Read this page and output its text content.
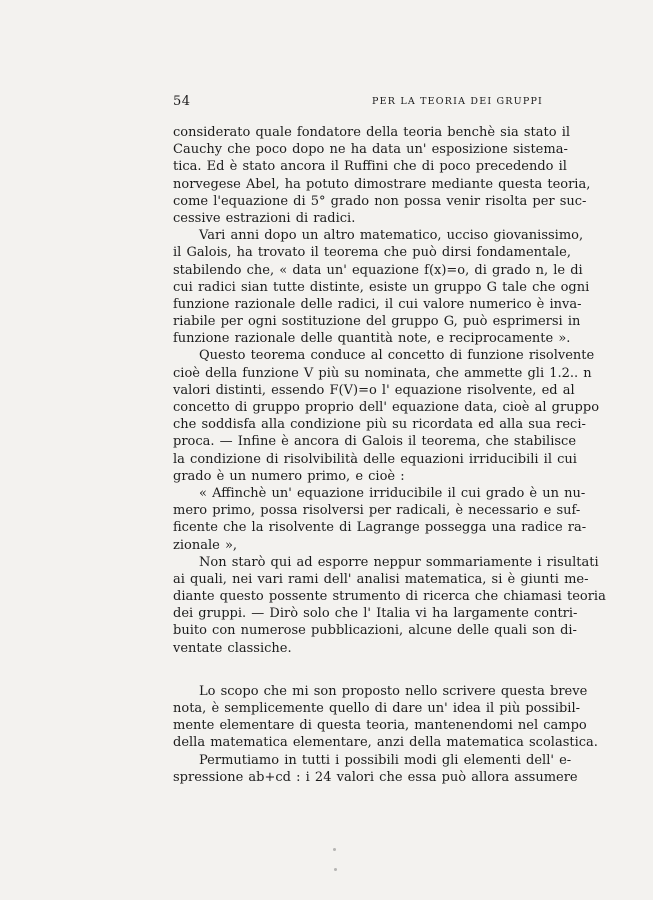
54	PER LA TEORIA DEI GRUPPI
considerato quale fondatore della teoria benchè sia stato il
Cauchy che poco dopo ne ha data un' esposizione sistema-
tica. Ed è stato ancora il Ruffini che di poco precedendo il
norvegese Abel, ha potuto dimostrare mediante questa teoria,
come l'equazione di 5° grado non possa venir risolta per suc-
cessive estrazioni di radici.
Vari anni dopo un altro matematico, ucciso giovanissimo,
il Galois, ha trovato il teorema che può dirsi fondamentale,
stabilendo che, « data un' equazione f(x)=o, di grado n, le di
cui radici sian tutte distinte, esiste un gruppo G tale che ogni
funzione razionale delle radici, il cui valore numerico è inva-
riabile per ogni sostituzione del gruppo G, può esprimersi in
funzione razionale delle quantità note, e reciprocamente ».
Questo teorema conduce al concetto di funzione risolvente
cioè della funzione V più su nominata, che ammette gli 1.2.. n
valori distinti, essendo F(V)=o l' equazione risolvente, ed al
concetto di gruppo proprio dell' equazione data, cioè al gruppo
che soddisfa alla condizione più su ricordata ed alla sua reci-
proca. — Infine è ancora di Galois il teorema, che stabilisce
la condizione di risolvibilità delle equazioni irriducibili il cui
grado è un numero primo, e cioè :
« Affinchè un' equazione irriducibile il cui grado è un nu-
mero primo, possa risolversi per radicali, è necessario e suf-
ficente che la risolvente di Lagrange possegga una radice ra-
zionale »,
Non starò qui ad esporre neppur sommariamente i risultati
ai quali, nei vari rami dell' analisi matematica, si è giunti me-
diante questo possente strumento di ricerca che chiamasi teoria
dei gruppi. — Dirò solo che l' Italia vi ha largamente contri-
buito con numerose pubblicazioni, alcune delle quali son di-
ventate classiche.
Lo scopo che mi son proposto nello scrivere questa breve
nota, è semplicemente quello di dare un' idea il più possibil-
mente elementare di questa teoria, mantenendomi nel campo
della matematica elementare, anzi della matematica scolastica.
Permutiamo in tutti i possibili modi gli elementi dell' e-
spressione ab+cd : i 24 valori che essa può allora assumere
